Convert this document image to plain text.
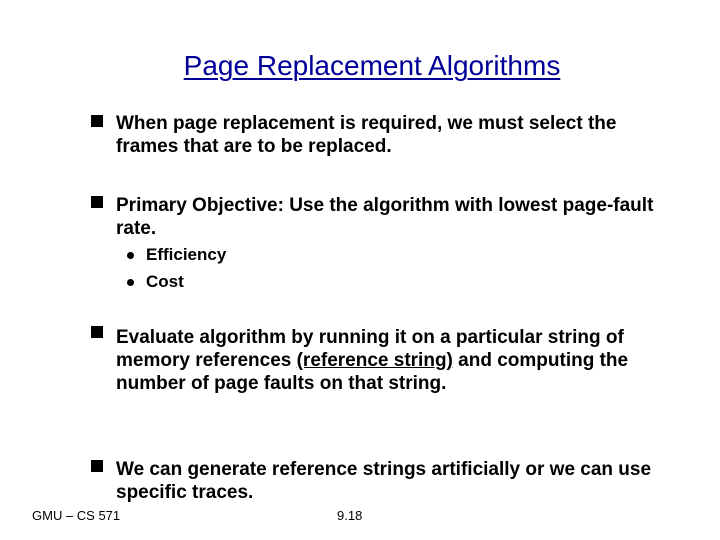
Page Replacement Algorithms

When page replacement is required, we must select the frames that are to be replaced.

Primary Objective: Use the algorithm with lowest page-fault rate.

Efficiency
Cost

Evaluate algorithm by running it on a particular string of memory references (reference string) and computing the number of page faults on that string.

We can generate reference strings artificially or we can use specific traces.

GMU – CS 571	9.18
